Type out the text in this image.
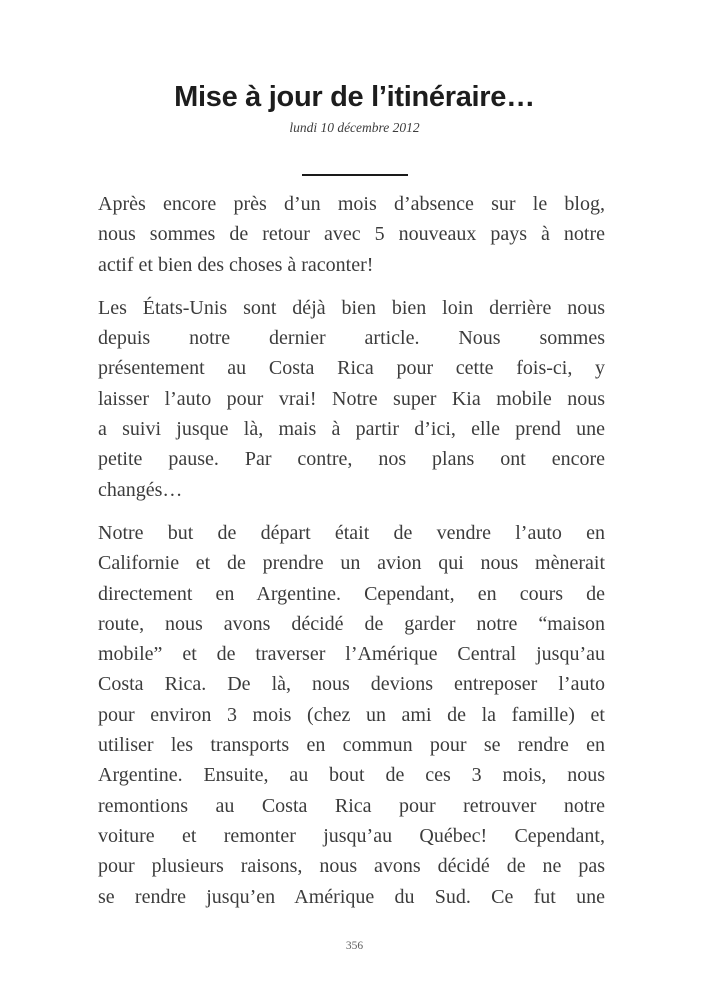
Mise à jour de l’itinéraire…
lundi 10 décembre 2012
Après encore près d’un mois d’absence sur le blog,
nous sommes de retour avec 5 nouveaux pays à notre
actif et bien des choses à raconter!
Les États-Unis sont déjà bien bien loin derrière nous
depuis notre dernier article. Nous sommes
présentement au Costa Rica pour cette fois-ci, y
laisser l’auto pour vrai! Notre super Kia mobile nous
a suivi jusque là, mais à partir d’ici, elle prend une
petite pause. Par contre, nos plans ont encore
changés…
Notre but de départ était de vendre l’auto en
Californie et de prendre un avion qui nous mènerait
directement en Argentine. Cependant, en cours de
route, nous avons décidé de garder notre “maison
mobile” et de traverser l’Amérique Central jusqu’au
Costa Rica. De là, nous devions entreposer l’auto
pour environ 3 mois (chez un ami de la famille) et
utiliser les transports en commun pour se rendre en
Argentine. Ensuite, au bout de ces 3 mois, nous
remontions au Costa Rica pour retrouver notre
voiture et remonter jusqu’au Québec! Cependant,
pour plusieurs raisons, nous avons décidé de ne pas
se rendre jusqu’en Amérique du Sud. Ce fut une
356
